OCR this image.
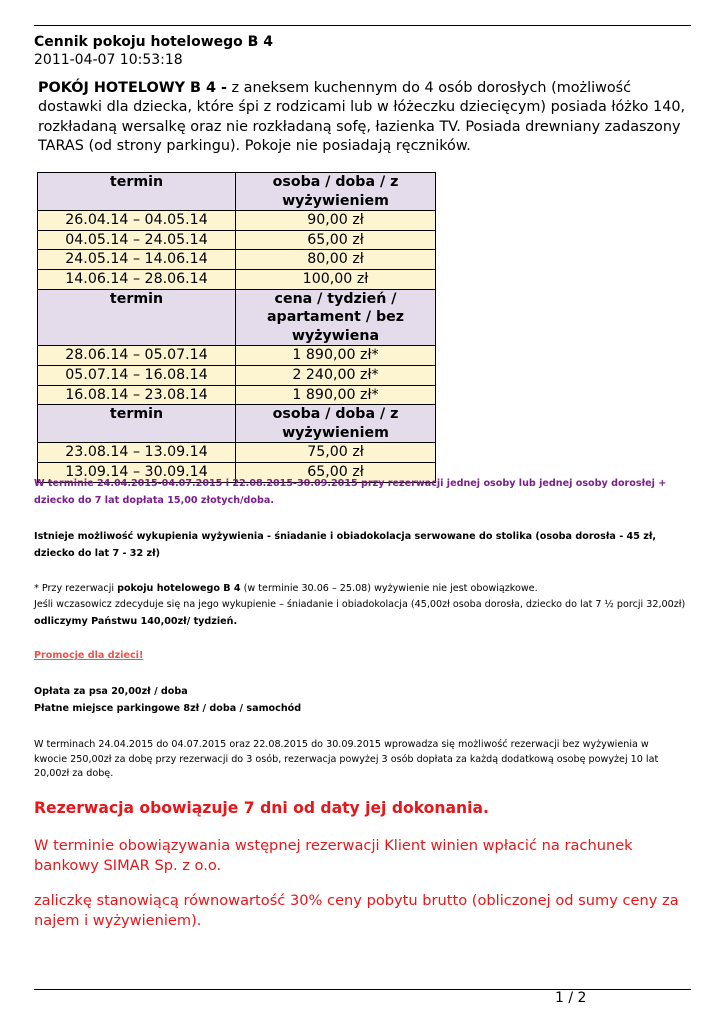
Cennik pokoju hotelowego B 4
2011-04-07 10:53:18
POKÓJ HOTELOWY B 4 - z aneksem kuchennym do 4 osób dorosłych (możliwość dostawki dla dziecka, które śpi z rodzicami lub w łóżeczku dziecięcym) posiada łóżko 140, rozkładaną wersalkę oraz nie rozkładaną sofę, łazienka TV. Posiada drewniany zadaszony TARAS (od strony parkingu). Pokoje nie posiadają ręczników.
termin	osoba / doba / z wyżywieniem
26.04.14 – 04.05.14	90,00 zł
04.05.14 – 24.05.14	65,00 zł
24.05.14 – 14.06.14	80,00 zł
14.06.14 – 28.06.14	100,00 zł
termin	cena / tydzień / apartament / bez wyżywiena
28.06.14 – 05.07.14	1 890,00 zł*
05.07.14 – 16.08.14	2 240,00 zł*
16.08.14 – 23.08.14	1 890,00 zł*
termin	osoba / doba / z wyżywieniem
23.08.14 – 13.09.14	75,00 zł
13.09.14 – 30.09.14	65,00 zł
W terminie 24.04.2015-04.07.2015 i 22.08.2015-30.09.2015 przy rezerwacji jednej osoby lub jednej osoby dorosłej + dziecko do 7 lat dopłata 15,00 złotych/doba.
Istnieje możliwość wykupienia wyżywienia - śniadanie i obiadokolacja serwowane do stolika (osoba dorosła - 45 zł, dziecko do lat 7 - 32 zł)
* Przy rezerwacji pokoju hotelowego B 4 (w terminie 30.06 – 25.08) wyżywienie nie jest obowiązkowe.
Jeśli wczasowicz zdecyduje się na jego wykupienie – śniadanie i obiadokolacja (45,00zł osoba dorosła, dziecko do lat 7 ½ porcji 32,00zł) odliczymy Państwu 140,00zł/ tydzień.
Promocje dla dzieci!
Opłata za psa 20,00zł / doba
Płatne miejsce parkingowe 8zł / doba / samochód
W terminach 24.04.2015 do 04.07.2015 oraz 22.08.2015 do 30.09.2015 wprowadza się możliwość rezerwacji bez wyżywienia w kwocie 250,00zł za dobę przy rezerwacji do 3 osób, rezerwacja powyżej 3 osób dopłata za każdą dodatkową osobę powyżej 10 lat 20,00zł za dobę.
Rezerwacja obowiązuje 7 dni od daty jej dokonania.
W terminie obowiązywania wstępnej rezerwacji Klient winien wpłacić na rachunek bankowy SIMAR Sp. z o.o.
zaliczkę stanowiącą równowartość 30% ceny pobytu brutto (obliczonej od sumy ceny za najem i wyżywieniem).
1 / 2
